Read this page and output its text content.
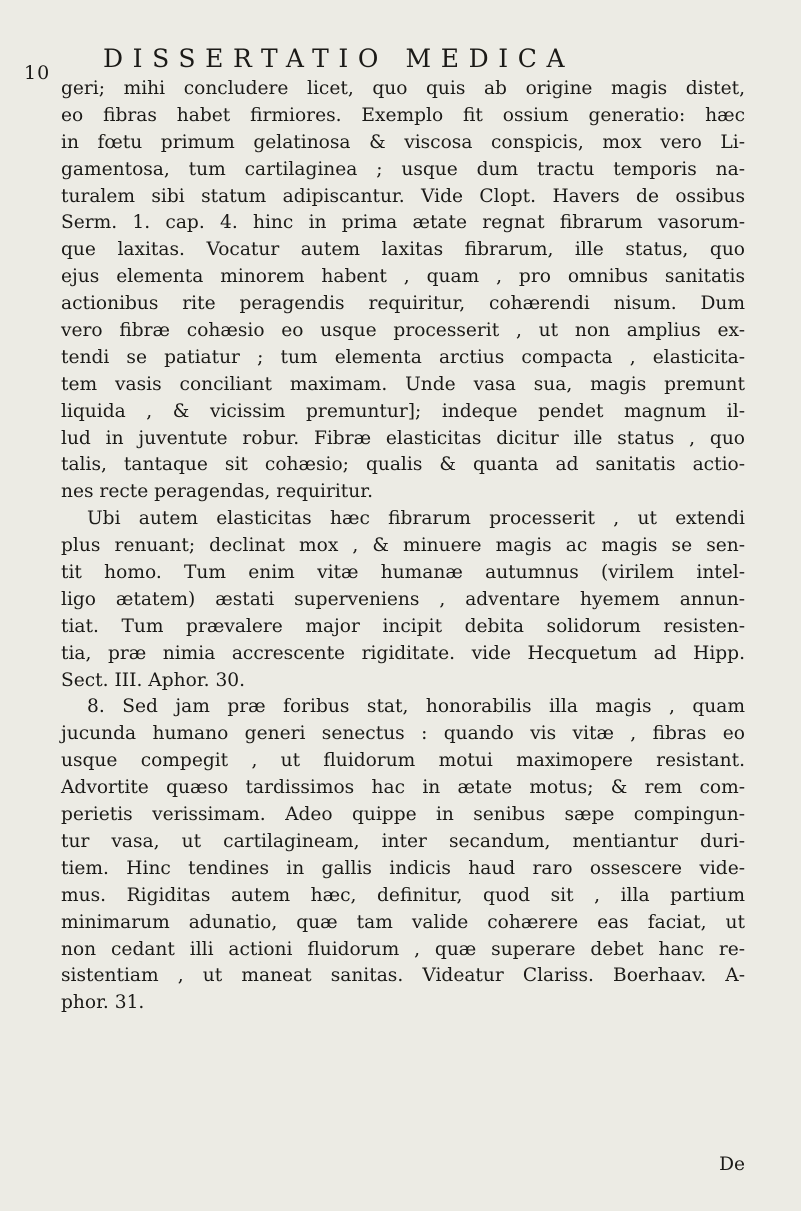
10 DISSERTATIO MEDICA
geri; mihi concludere licet, quo quis ab origine magis distet,
eo fibras habet firmiores. Exemplo fit ossium generatio: hæc
in fœtu primum gelatinosa & viscosa conspicis, mox vero Li-
gamentosa, tum cartilaginea ; usque dum tractu temporis na-
turalem sibi statum adipiscantur. Vide Clopt. Havers de ossibus
Serm. 1. cap. 4. hinc in prima ætate regnat fibrarum vasorum-
que laxitas. Vocatur autem laxitas fibrarum, ille status, quo
ejus elementa minorem habent , quam , pro omnibus sanitatis
actionibus rite peragendis requiritur, cohærendi nisum. Dum
vero fibræ cohæsio eo usque processerit , ut non amplius ex-
tendi se patiatur ; tum elementa arctius compacta , elasticita-
tem vasis conciliant maximam. Unde vasa sua, magis premunt
liquida , & vicissim premuntur]; indeque pendet magnum il-
lud in juventute robur. Fibræ elasticitas dicitur ille status , quo
talis, tantaque sit cohæsio; qualis & quanta ad sanitatis actio-
nes recte peragendas, requiritur.
Ubi autem elasticitas hæc fibrarum processerit , ut extendi
plus renuant; declinat mox , & minuere magis ac magis se sen-
tit homo. Tum enim vitæ humanæ autumnus (virilem intel-
ligo ætatem) æstati superveniens , adventare hyemem annun-
tiat. Tum prævalere major incipit debita solidorum resisten-
tia, præ nimia accrescente rigiditate. vide Hecquetum ad Hipp.
Sect. III. Aphor. 30.
8. Sed jam præ foribus stat, honorabilis illa magis , quam
jucunda humano generi senectus : quando vis vitæ , fibras eo
usque compegit , ut fluidorum motui maximopere resistant.
Advortite quæso tardissimos hac in ætate motus; & rem com-
perietis verissimam. Adeo quippe in senibus sæpe compingun-
tur vasa, ut cartilagineam, inter secandum, mentiantur duri-
tiem. Hinc tendines in gallis indicis haud raro ossescere vide-
mus. Rigiditas autem hæc, definitur, quod sit , illa partium
minimarum adunatio, quæ tam valide cohærere eas faciat, ut
non cedant illi actioni fluidorum , quæ superare debet hanc re-
sistentiam , ut maneat sanitas. Videatur Clariss. Boerhaav. A-
phor. 31.
De
